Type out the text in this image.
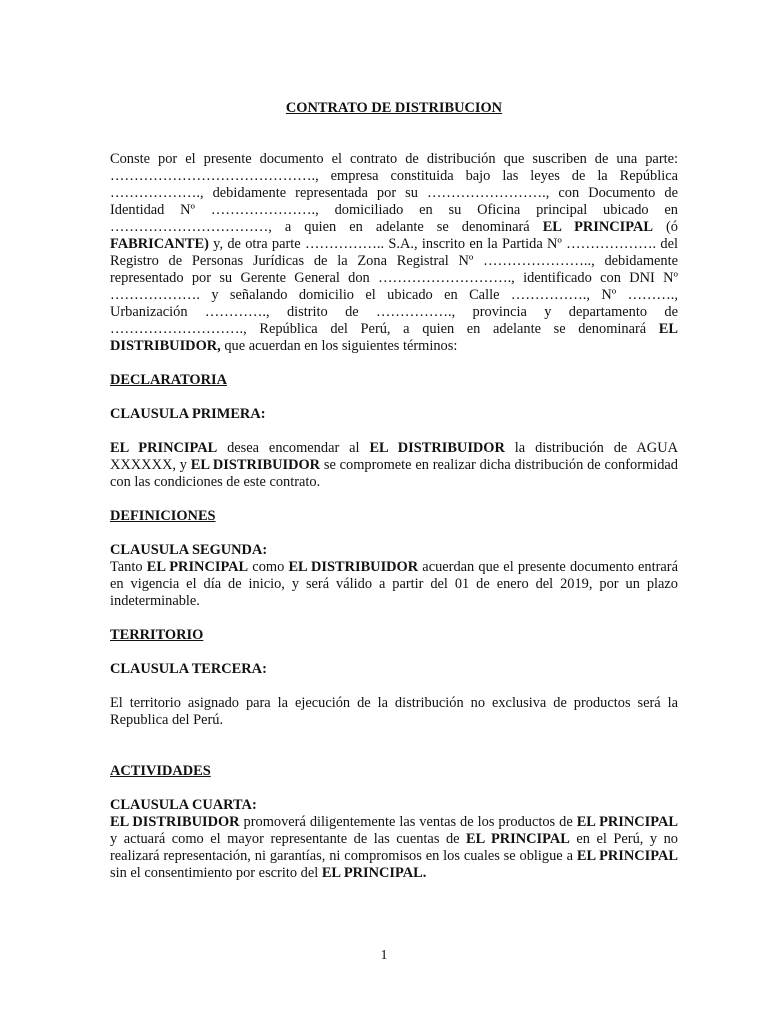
CONTRATO DE DISTRIBUCION

Conste por el presente documento el contrato de distribución que suscriben de una parte: ……………………………………., empresa constituida bajo las leyes de la República ………………., debidamente representada por su ……………………., con Documento de Identidad Nº …………………., domiciliado en su Oficina principal ubicado en ……………………………, a quien en adelante se denominará EL PRINCIPAL (ó FABRICANTE) y, de otra parte …………….. S.A., inscrito en la Partida Nº ………………. del Registro de Personas Jurídicas de la Zona Registral Nº ………………….., debidamente representado por su Gerente General don ………………………., identificado con DNI Nº ………………. y señalando domicilio el ubicado en Calle ……………., Nº ………., Urbanización …………., distrito de ……………., provincia y departamento de ………………………., República del Perú, a quien en adelante se denominará EL DISTRIBUIDOR, que acuerdan en los siguientes términos:

DECLARATORIA
CLAUSULA PRIMERA:

EL PRINCIPAL desea encomendar al EL DISTRIBUIDOR la distribución de AGUA XXXXXX, y EL DISTRIBUIDOR se compromete en realizar dicha distribución de conformidad con las condiciones de este contrato.

DEFINICIONES
CLAUSULA SEGUNDA:

Tanto EL PRINCIPAL como EL DISTRIBUIDOR acuerdan que el presente documento entrará en vigencia el día de inicio, y será válido a partir del 01 de enero del 2019, por un plazo indeterminable.

TERRITORIO
CLAUSULA TERCERA:

El territorio asignado para la ejecución de la distribución no exclusiva de productos será la Republica del Perú.

ACTIVIDADES
CLAUSULA CUARTA:

EL DISTRIBUIDOR promoverá diligentemente las ventas de los productos de EL PRINCIPAL y actuará como el mayor representante de las cuentas de EL PRINCIPAL en el Perú, y no realizará representación, ni garantías, ni compromisos en los cuales se obligue a EL PRINCIPAL sin el consentimiento por escrito del EL PRINCIPAL.

1
